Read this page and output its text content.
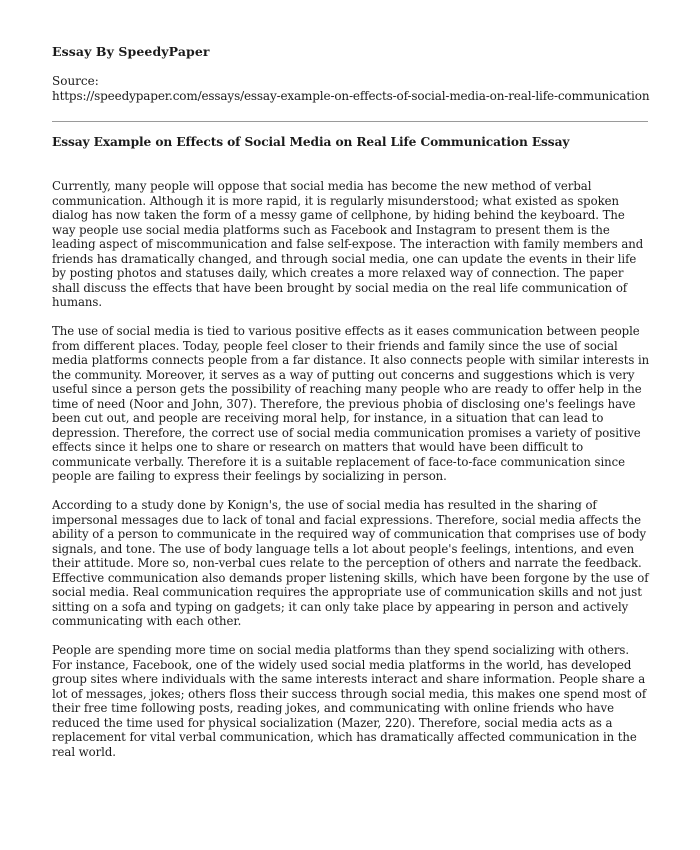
Essay By SpeedyPaper
Source:
https://speedypaper.com/essays/essay-example-on-effects-of-social-media-on-real-life-communication
Essay Example on Effects of Social Media on Real Life Communication Essay

Currently, many people will oppose that social media has become the new method of verbal communication. Although it is more rapid, it is regularly misunderstood; what existed as spoken dialog has now taken the form of a messy game of cellphone, by hiding behind the keyboard. The way people use social media platforms such as Facebook and Instagram to present them is the leading aspect of miscommunication and false self-expose. The interaction with family members and friends has dramatically changed, and through social media, one can update the events in their life by posting photos and statuses daily, which creates a more relaxed way of connection. The paper shall discuss the effects that have been brought by social media on the real life communication of humans.

The use of social media is tied to various positive effects as it eases communication between people from different places. Today, people feel closer to their friends and family since the use of social media platforms connects people from a far distance. It also connects people with similar interests in the community. Moreover, it serves as a way of putting out concerns and suggestions which is very useful since a person gets the possibility of reaching many people who are ready to offer help in the time of need (Noor and John, 307). Therefore, the previous phobia of disclosing one's feelings have been cut out, and people are receiving moral help, for instance, in a situation that can lead to depression. Therefore, the correct use of social media communication promises a variety of positive effects since it helps one to share or research on matters that would have been difficult to communicate verbally. Therefore it is a suitable replacement of face-to-face communication since people are failing to express their feelings by socializing in person.

According to a study done by Konign's, the use of social media has resulted in the sharing of impersonal messages due to lack of tonal and facial expressions. Therefore, social media affects the ability of a person to communicate in the required way of communication that comprises use of body signals, and tone. The use of body language tells a lot about people's feelings, intentions, and even their attitude. More so, non-verbal cues relate to the perception of others and narrate the feedback. Effective communication also demands proper listening skills, which have been forgone by the use of social media. Real communication requires the appropriate use of communication skills and not just sitting on a sofa and typing on gadgets; it can only take place by appearing in person and actively communicating with each other.

People are spending more time on social media platforms than they spend socializing with others. For instance, Facebook, one of the widely used social media platforms in the world, has developed group sites where individuals with the same interests interact and share information. People share a lot of messages, jokes; others floss their success through social media, this makes one spend most of their free time following posts, reading jokes, and communicating with online friends who have reduced the time used for physical socialization (Mazer, 220). Therefore, social media acts as a replacement for vital verbal communication, which has dramatically affected communication in the real world.
